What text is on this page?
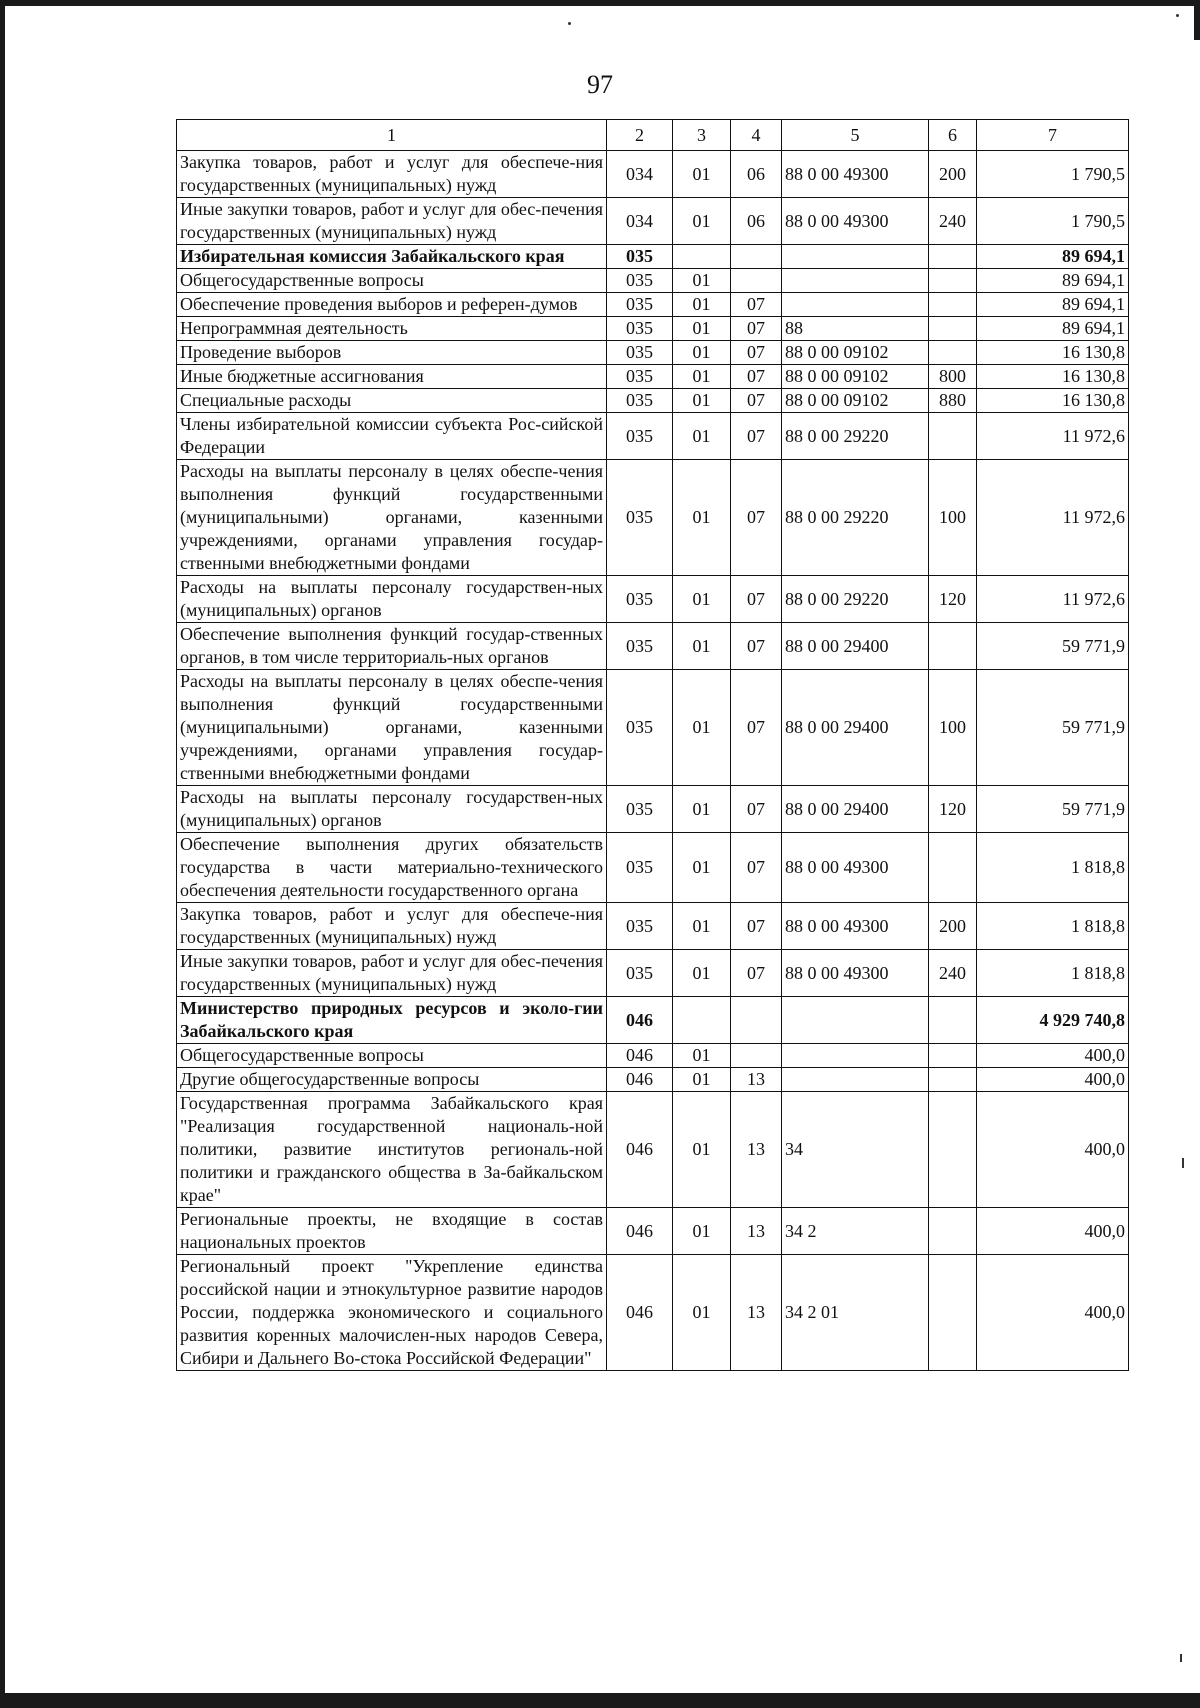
97
1	2	3	4	5	6	7
Закупка товаров, работ и услуг для обеспече-ния государственных (муниципальных) нужд	034	01	06	88 0 00 49300	200	1 790,5
Иные закупки товаров, работ и услуг для обес-печения государственных (муниципальных) нужд	034	01	06	88 0 00 49300	240	1 790,5
Избирательная комиссия Забайкальского края	035					89 694,1
Общегосударственные вопросы	035	01				89 694,1
Обеспечение проведения выборов и референ-думов	035	01	07			89 694,1
Непрограммная деятельность	035	01	07	88		89 694,1
Проведение выборов	035	01	07	88 0 00 09102		16 130,8
Иные бюджетные ассигнования	035	01	07	88 0 00 09102	800	16 130,8
Специальные расходы	035	01	07	88 0 00 09102	880	16 130,8
Члены избирательной комиссии субъекта Рос-сийской Федерации	035	01	07	88 0 00 29220		11 972,6
Расходы на выплаты персоналу в целях обеспе-чения выполнения функций государственными (муниципальными) органами, казенными учреждениями, органами управления государ-ственными внебюджетными фондами	035	01	07	88 0 00 29220	100	11 972,6
Расходы на выплаты персоналу государствен-ных (муниципальных) органов	035	01	07	88 0 00 29220	120	11 972,6
Обеспечение выполнения функций государ-ственных органов, в том числе территориаль-ных органов	035	01	07	88 0 00 29400		59 771,9
Расходы на выплаты персоналу в целях обеспе-чения выполнения функций государственными (муниципальными) органами, казенными учреждениями, органами управления государ-ственными внебюджетными фондами	035	01	07	88 0 00 29400	100	59 771,9
Расходы на выплаты персоналу государствен-ных (муниципальных) органов	035	01	07	88 0 00 29400	120	59 771,9
Обеспечение выполнения других обязательств государства в части материально-технического обеспечения деятельности государственного органа	035	01	07	88 0 00 49300		1 818,8
Закупка товаров, работ и услуг для обеспече-ния государственных (муниципальных) нужд	035	01	07	88 0 00 49300	200	1 818,8
Иные закупки товаров, работ и услуг для обес-печения государственных (муниципальных) нужд	035	01	07	88 0 00 49300	240	1 818,8
Министерство природных ресурсов и эколо-гии Забайкальского края	046					4 929 740,8
Общегосударственные вопросы	046	01				400,0
Другие общегосударственные вопросы	046	01	13			400,0
Государственная программа Забайкальского края "Реализация государственной националь-ной политики, развитие институтов региональ-ной политики и гражданского общества в За-байкальском крае"	046	01	13	34		400,0
Региональные проекты, не входящие в состав национальных проектов	046	01	13	34 2		400,0
Региональный проект "Укрепление единства российской нации и этнокультурное развитие народов России, поддержка экономического и социального развития коренных малочислен-ных народов Севера, Сибири и Дальнего Во-стока Российской Федерации"	046	01	13	34 2 01		400,0
